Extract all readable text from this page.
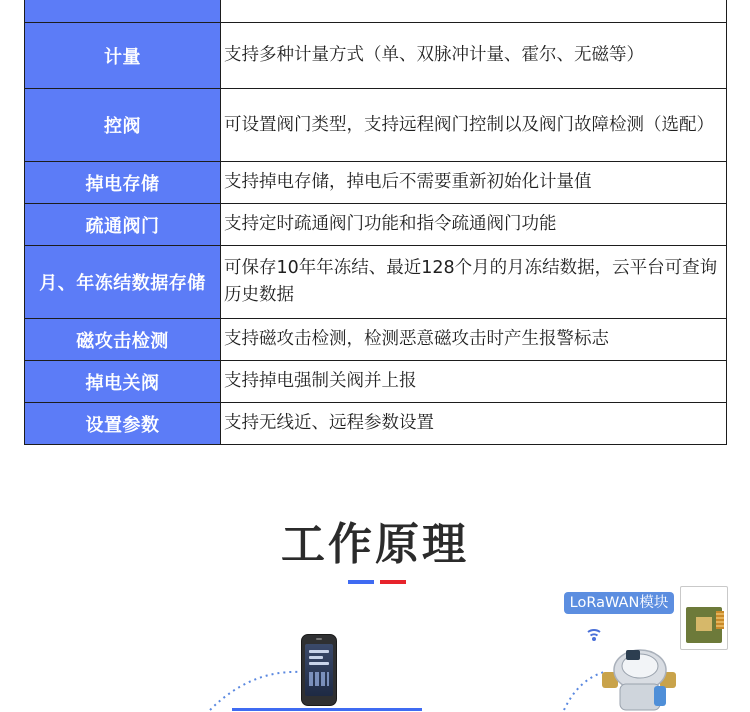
计量	支持多种计量方式（单、双脉冲计量、霍尔、无磁等）
控阀	可设置阀门类型，支持远程阀门控制以及阀门故障检测（选配）
掉电存储	支持掉电存储，掉电后不需要重新初始化计量值
疏通阀门	支持定时疏通阀门功能和指令疏通阀门功能
月、年冻结数据存储	可保存10年年冻结、最近128个月的月冻结数据，云平台可查询历史数据
磁攻击检测	支持磁攻击检测，检测恶意磁攻击时产生报警标志
掉电关阀	支持掉电强制关阀并上报
设置参数	支持无线近、远程参数设置
工作原理
LoRaWAN模块
